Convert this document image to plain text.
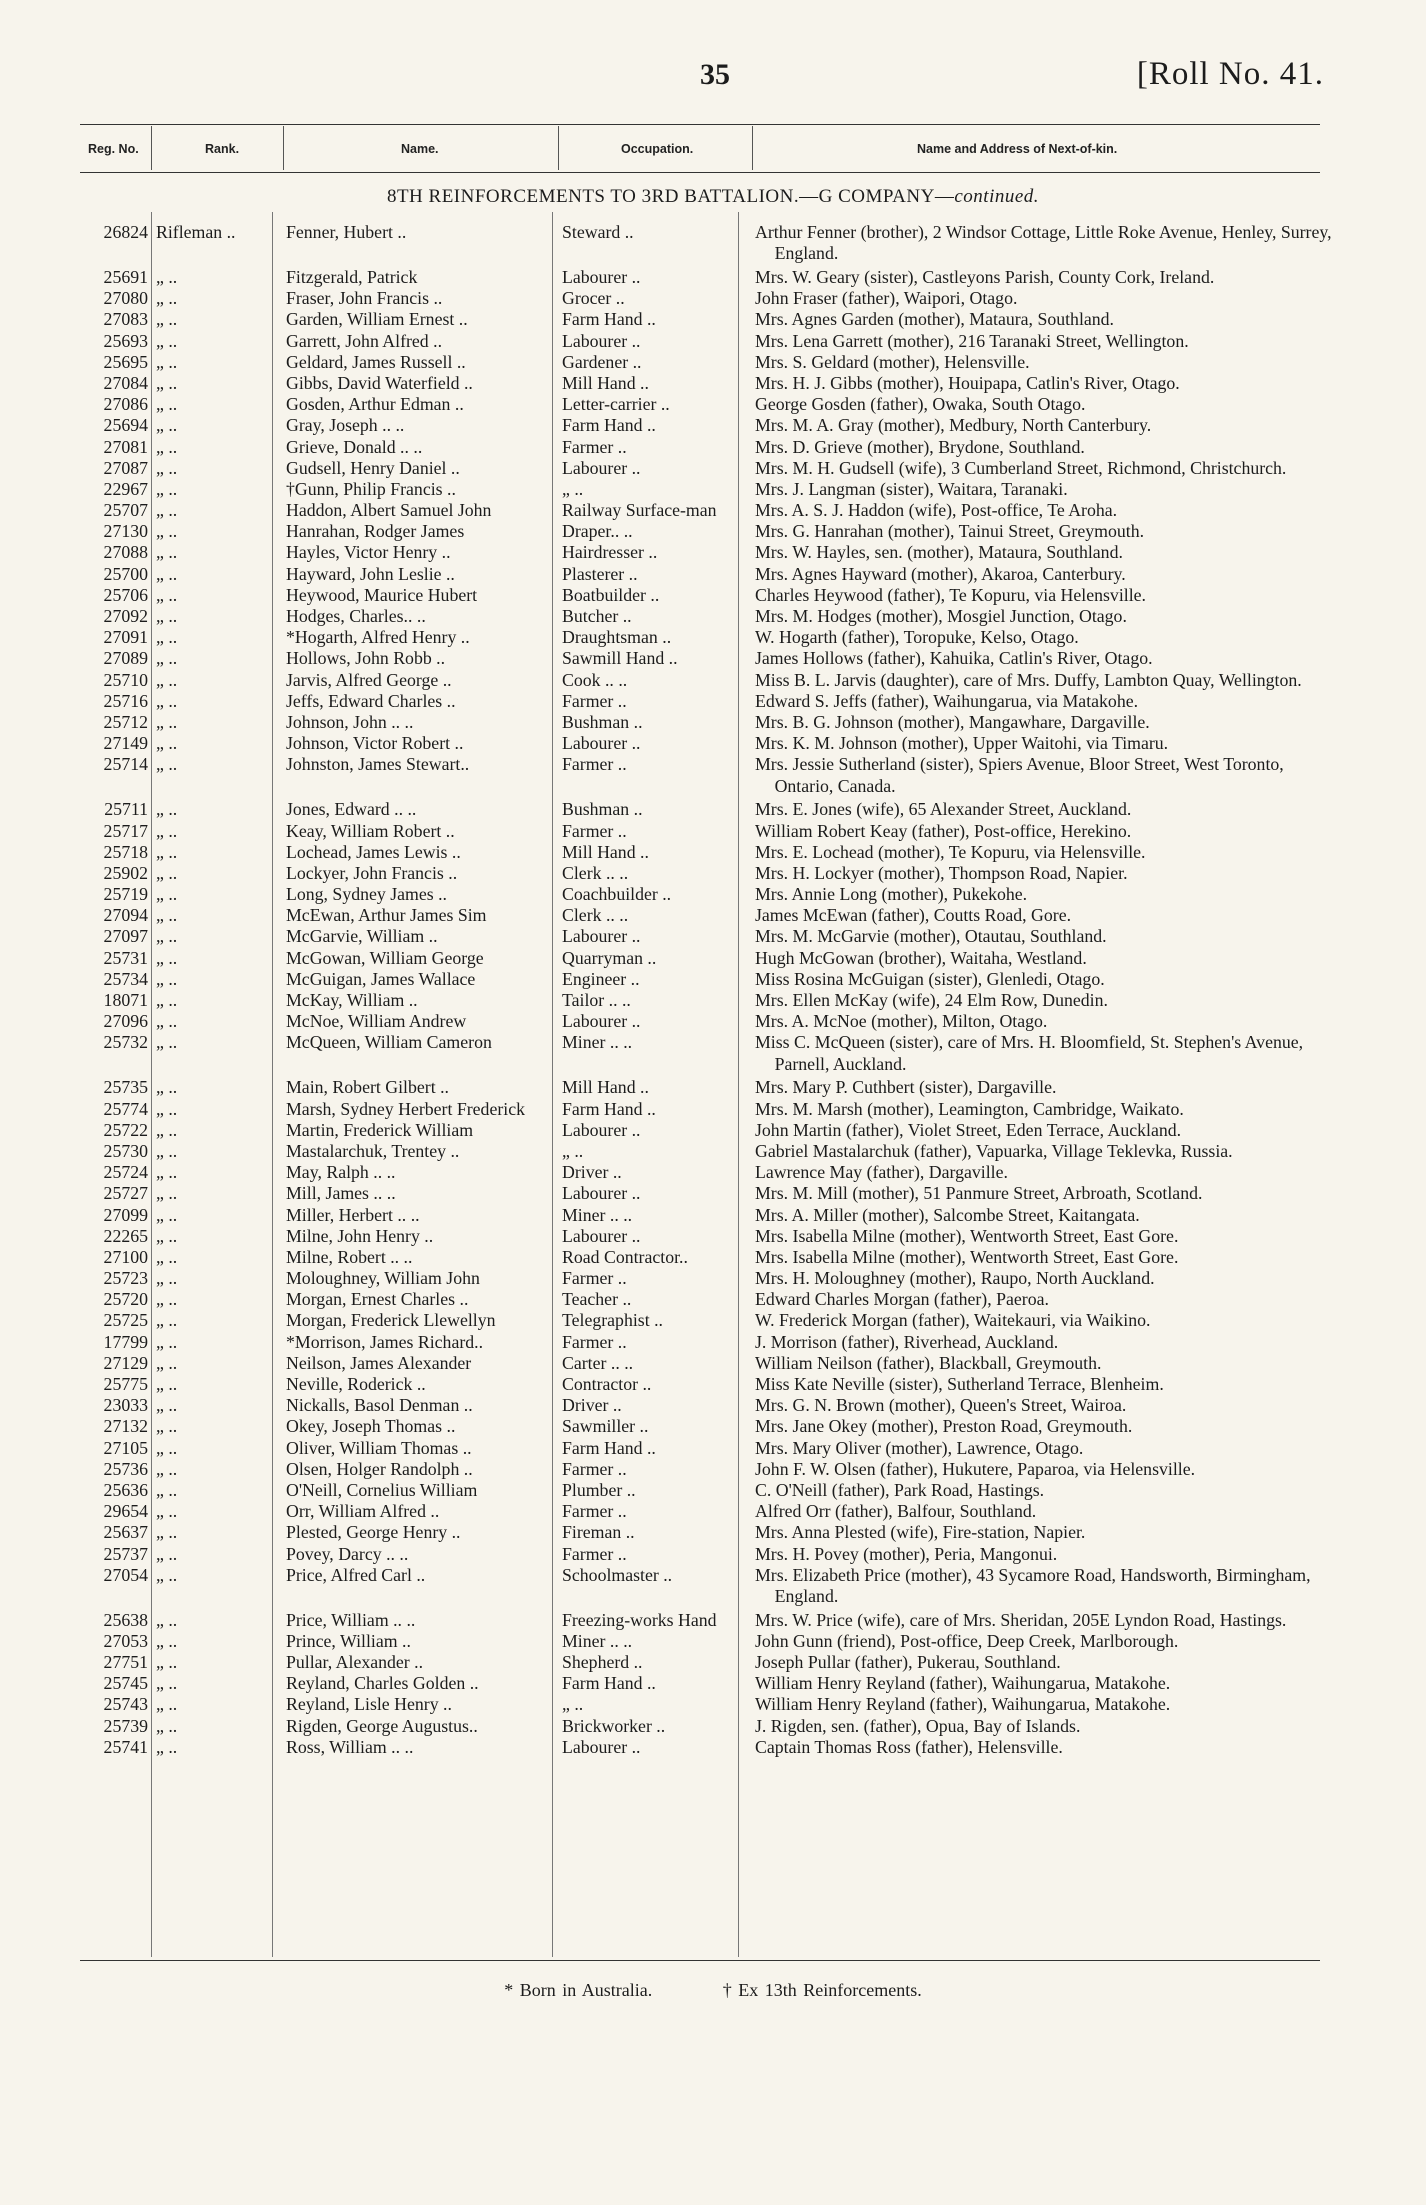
35	[Roll No. 41.
Reg. No.	Rank.	Name.	Occupation.	Name and Address of Next-of-kin.
8TH REINFORCEMENTS TO 3RD BATTALION.—G COMPANY—continued.
26824 Rifleman ..	Fenner, Hubert ..	Steward ..	Arthur Fenner (brother), 2 Windsor Cottage, Little Roke Avenue, Henley, Surrey, England.
25691 „ ..	Fitzgerald, Patrick	Labourer ..	Mrs. W. Geary (sister), Castleyons Parish, County Cork, Ireland.
27080 „ ..	Fraser, John Francis ..	Grocer ..	John Fraser (father), Waipori, Otago.
27083 „ ..	Garden, William Ernest ..	Farm Hand ..	Mrs. Agnes Garden (mother), Mataura, Southland.
25693 „ ..	Garrett, John Alfred ..	Labourer ..	Mrs. Lena Garrett (mother), 216 Taranaki Street, Wellington.
25695 „ ..	Geldard, James Russell ..	Gardener ..	Mrs. S. Geldard (mother), Helensville.
27084 „ ..	Gibbs, David Waterfield ..	Mill Hand ..	Mrs. H. J. Gibbs (mother), Houipapa, Catlin's River, Otago.
27086 „ ..	Gosden, Arthur Edman ..	Letter-carrier ..	George Gosden (father), Owaka, South Otago.
25694 „ ..	Gray, Joseph .. ..	Farm Hand ..	Mrs. M. A. Gray (mother), Medbury, North Canterbury.
27081 „ ..	Grieve, Donald .. ..	Farmer ..	Mrs. D. Grieve (mother), Brydone, Southland.
27087 „ ..	Gudsell, Henry Daniel ..	Labourer ..	Mrs. M. H. Gudsell (wife), 3 Cumberland Street, Richmond, Christchurch.
22967 „ ..	†Gunn, Philip Francis ..	„ ..	Mrs. J. Langman (sister), Waitara, Taranaki.
25707 „ ..	Haddon, Albert Samuel John	Railway Surface-man	Mrs. A. S. J. Haddon (wife), Post-office, Te Aroha.
27130 „ ..	Hanrahan, Rodger James	Draper.. ..	Mrs. G. Hanrahan (mother), Tainui Street, Greymouth.
27088 „ ..	Hayles, Victor Henry ..	Hairdresser ..	Mrs. W. Hayles, sen. (mother), Mataura, Southland.
25700 „ ..	Hayward, John Leslie ..	Plasterer ..	Mrs. Agnes Hayward (mother), Akaroa, Canterbury.
25706 „ ..	Heywood, Maurice Hubert	Boatbuilder ..	Charles Heywood (father), Te Kopuru, via Helensville.
27092 „ ..	Hodges, Charles.. ..	Butcher ..	Mrs. M. Hodges (mother), Mosgiel Junction, Otago.
27091 „ ..	*Hogarth, Alfred Henry ..	Draughtsman ..	W. Hogarth (father), Toropuke, Kelso, Otago.
27089 „ ..	Hollows, John Robb ..	Sawmill Hand ..	James Hollows (father), Kahuika, Catlin's River, Otago.
25710 „ ..	Jarvis, Alfred George ..	Cook .. ..	Miss B. L. Jarvis (daughter), care of Mrs. Duffy, Lambton Quay, Wellington.
25716 „ ..	Jeffs, Edward Charles ..	Farmer ..	Edward S. Jeffs (father), Waihungarua, via Matakohe.
25712 „ ..	Johnson, John .. ..	Bushman ..	Mrs. B. G. Johnson (mother), Mangawhare, Dargaville.
27149 „ ..	Johnson, Victor Robert ..	Labourer ..	Mrs. K. M. Johnson (mother), Upper Waitohi, via Timaru.
25714 „ ..	Johnston, James Stewart..	Farmer ..	Mrs. Jessie Sutherland (sister), Spiers Avenue, Bloor Street, West Toronto, Ontario, Canada.
25711 „ ..	Jones, Edward .. ..	Bushman ..	Mrs. E. Jones (wife), 65 Alexander Street, Auckland.
25717 „ ..	Keay, William Robert ..	Farmer ..	William Robert Keay (father), Post-office, Herekino.
25718 „ ..	Lochead, James Lewis ..	Mill Hand ..	Mrs. E. Lochead (mother), Te Kopuru, via Helensville.
25902 „ ..	Lockyer, John Francis ..	Clerk .. ..	Mrs. H. Lockyer (mother), Thompson Road, Napier.
25719 „ ..	Long, Sydney James ..	Coachbuilder ..	Mrs. Annie Long (mother), Pukekohe.
27094 „ ..	McEwan, Arthur James Sim	Clerk .. ..	James McEwan (father), Coutts Road, Gore.
27097 „ ..	McGarvie, William ..	Labourer ..	Mrs. M. McGarvie (mother), Otautau, Southland.
25731 „ ..	McGowan, William George	Quarryman ..	Hugh McGowan (brother), Waitaha, Westland.
25734 „ ..	McGuigan, James Wallace	Engineer ..	Miss Rosina McGuigan (sister), Glenledi, Otago.
18071 „ ..	McKay, William ..	Tailor .. ..	Mrs. Ellen McKay (wife), 24 Elm Row, Dunedin.
27096 „ ..	McNoe, William Andrew	Labourer ..	Mrs. A. McNoe (mother), Milton, Otago.
25732 „ ..	McQueen, William Cameron	Miner .. ..	Miss C. McQueen (sister), care of Mrs. H. Bloomfield, St. Stephen's Avenue, Parnell, Auckland.
25735 „ ..	Main, Robert Gilbert ..	Mill Hand ..	Mrs. Mary P. Cuthbert (sister), Dargaville.
25774 „ ..	Marsh, Sydney Herbert Frederick	Farm Hand ..	Mrs. M. Marsh (mother), Leamington, Cambridge, Waikato.
25722 „ ..	Martin, Frederick William	Labourer ..	John Martin (father), Violet Street, Eden Terrace, Auckland.
25730 „ ..	Mastalarchuk, Trentey ..	„ ..	Gabriel Mastalarchuk (father), Vapuarka, Village Teklevka, Russia.
25724 „ ..	May, Ralph .. ..	Driver ..	Lawrence May (father), Dargaville.
25727 „ ..	Mill, James .. ..	Labourer ..	Mrs. M. Mill (mother), 51 Panmure Street, Arbroath, Scotland.
27099 „ ..	Miller, Herbert .. ..	Miner .. ..	Mrs. A. Miller (mother), Salcombe Street, Kaitangata.
22265 „ ..	Milne, John Henry ..	Labourer ..	Mrs. Isabella Milne (mother), Wentworth Street, East Gore.
27100 „ ..	Milne, Robert .. ..	Road Contractor..	Mrs. Isabella Milne (mother), Wentworth Street, East Gore.
25723 „ ..	Moloughney, William John	Farmer ..	Mrs. H. Moloughney (mother), Raupo, North Auckland.
25720 „ ..	Morgan, Ernest Charles ..	Teacher ..	Edward Charles Morgan (father), Paeroa.
25725 „ ..	Morgan, Frederick Llewellyn	Telegraphist ..	W. Frederick Morgan (father), Waitekauri, via Waikino.
17799 „ ..	*Morrison, James Richard..	Farmer ..	J. Morrison (father), Riverhead, Auckland.
27129 „ ..	Neilson, James Alexander	Carter .. ..	William Neilson (father), Blackball, Greymouth.
25775 „ ..	Neville, Roderick ..	Contractor ..	Miss Kate Neville (sister), Sutherland Terrace, Blenheim.
23033 „ ..	Nickalls, Basol Denman ..	Driver ..	Mrs. G. N. Brown (mother), Queen's Street, Wairoa.
27132 „ ..	Okey, Joseph Thomas ..	Sawmiller ..	Mrs. Jane Okey (mother), Preston Road, Greymouth.
27105 „ ..	Oliver, William Thomas ..	Farm Hand ..	Mrs. Mary Oliver (mother), Lawrence, Otago.
25736 „ ..	Olsen, Holger Randolph ..	Farmer ..	John F. W. Olsen (father), Hukutere, Paparoa, via Helensville.
25636 „ ..	O'Neill, Cornelius William	Plumber ..	C. O'Neill (father), Park Road, Hastings.
29654 „ ..	Orr, William Alfred ..	Farmer ..	Alfred Orr (father), Balfour, Southland.
25637 „ ..	Plested, George Henry ..	Fireman ..	Mrs. Anna Plested (wife), Fire-station, Napier.
25737 „ ..	Povey, Darcy .. ..	Farmer ..	Mrs. H. Povey (mother), Peria, Mangonui.
27054 „ ..	Price, Alfred Carl ..	Schoolmaster ..	Mrs. Elizabeth Price (mother), 43 Sycamore Road, Handsworth, Birmingham, England.
25638 „ ..	Price, William .. ..	Freezing-works Hand	Mrs. W. Price (wife), care of Mrs. Sheridan, 205E Lyndon Road, Hastings.
27053 „ ..	Prince, William ..	Miner .. ..	John Gunn (friend), Post-office, Deep Creek, Marlborough.
27751 „ ..	Pullar, Alexander ..	Shepherd ..	Joseph Pullar (father), Pukerau, Southland.
25745 „ ..	Reyland, Charles Golden ..	Farm Hand ..	William Henry Reyland (father), Waihungarua, Matakohe.
25743 „ ..	Reyland, Lisle Henry ..	„ ..	William Henry Reyland (father), Waihungarua, Matakohe.
25739 „ ..	Rigden, George Augustus..	Brickworker ..	J. Rigden, sen. (father), Opua, Bay of Islands.
25741 „ ..	Ross, William .. ..	Labourer ..	Captain Thomas Ross (father), Helensville.
* Born in Australia.	† Ex 13th Reinforcements.
